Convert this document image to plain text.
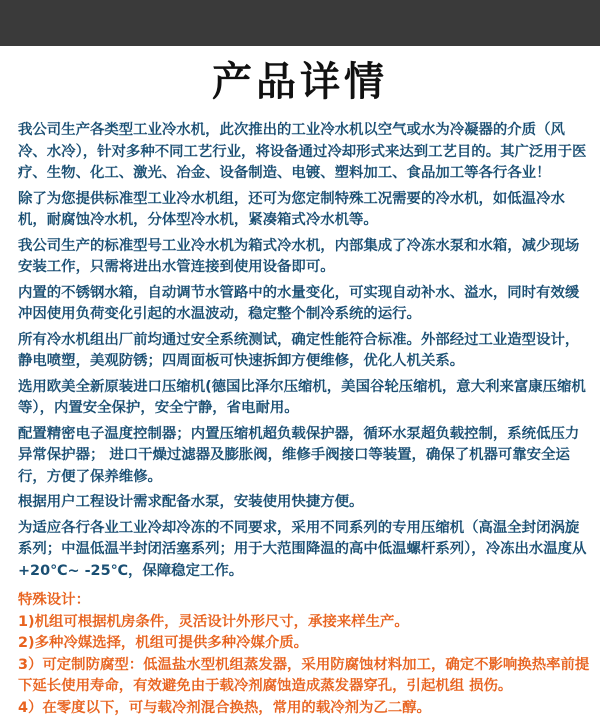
产品详情

我公司生产各类型工业冷水机，此次推出的工业冷水机以空气或水为冷凝器的介质（风冷、水冷），针对多种不同工艺行业，将设备通过冷却形式来达到工艺目的。其广泛用于医疗、生物、化工、激光、冶金、设备制造、电镀、塑料加工、食品加工等各行各业！

除了为您提供标准型工业冷水机组，还可为您定制特殊工况需要的冷水机，如低温冷水机，耐腐蚀冷水机，分体型冷水机，紧凑箱式冷水机等。

我公司生产的标准型号工业冷水机为箱式冷水机，内部集成了冷冻水泵和水箱，减少现场安装工作，只需将进出水管连接到使用设备即可。

内置的不锈钢水箱，自动调节水管路中的水量变化，可实现自动补水、溢水，同时有效缓冲因使用负荷变化引起的水温波动，稳定整个制冷系统的运行。

所有冷水机组出厂前均通过安全系统测试，确定性能符合标准。外部经过工业造型设计，静电喷塑，美观防锈；四周面板可快速拆卸方便维修，优化人机关系。

选用欧美全新原装进口压缩机(德国比泽尔压缩机，美国谷轮压缩机，意大利来富康压缩机等），内置安全保护，安全宁静，省电耐用。

配置精密电子温度控制器；内置压缩机超负载保护器，循环水泵超负载控制，系统低压力异常保护器； 进口干燥过滤器及膨胀阀，维修手阀接口等装置，确保了机器可靠安全运行，方便了保养维修。

根据用户工程设计需求配备水泵，安装使用快捷方便。

为适应各行各业工业冷却冷冻的不同要求，采用不同系列的专用压缩机（高温全封闭涡旋系列；中温低温半封闭活塞系列；用于大范围降温的高中低温螺杆系列），冷冻出水温度从+20℃~ -25℃，保障稳定工作。

特殊设计：

1)机组可根据机房条件，灵活设计外形尺寸，承接来样生产。

2)多种冷媒选择，机组可提供多种冷媒介质。

3）可定制防腐型：低温盐水型机组蒸发器，采用防腐蚀材料加工，确定不影响换热率前提下延长使用寿命，有效避免由于载冷剂腐蚀造成蒸发器穿孔，引起机组 损伤。

4）在零度以下，可与载冷剂混合换热，常用的载冷剂为乙二醇。
